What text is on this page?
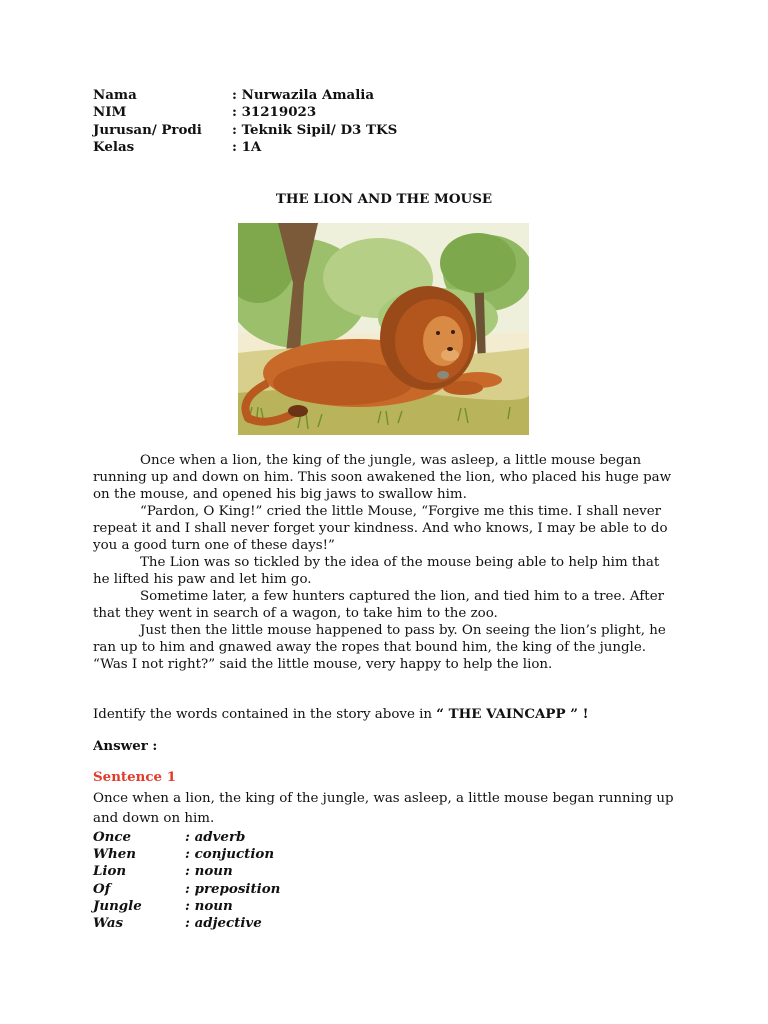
Nama	: Nurwazila Amalia
NIM	: 31219023
Jurusan/ Prodi : Teknik Sipil/ D3 TKS
Kelas	: 1A
THE LION AND THE MOUSE

Once when a lion, the king of the jungle, was asleep, a little mouse began running up and down on him. This soon awakened the lion, who placed his huge paw on the mouse, and opened his big jaws to swallow him.

“Pardon, O King!” cried the little Mouse, “Forgive me this time. I shall never repeat it and I shall never forget your kindness. And who knows, I may be able to do you a good turn one of these days!”

The Lion was so tickled by the idea of the mouse being able to help him that he lifted his paw and let him go.

Sometime later, a few hunters captured the lion, and tied him to a tree. After that they went in search of a wagon, to take him to the zoo.

Just then the little mouse happened to pass by. On seeing the lion’s plight, he ran up to him and gnawed away the ropes that bound him, the king of the jungle.

“Was I not right?” said the little mouse, very happy to help the lion.

Identify the words contained in the story above in “ THE VAINCAPP ” !
Answer :
Sentence 1
Once when a lion, the king of the jungle, was asleep, a little mouse began running up and down on him.
Once	: adverb
When	: conjuction
Lion	: noun
Of	: preposition
Jungle	: noun
Was	: adjective
